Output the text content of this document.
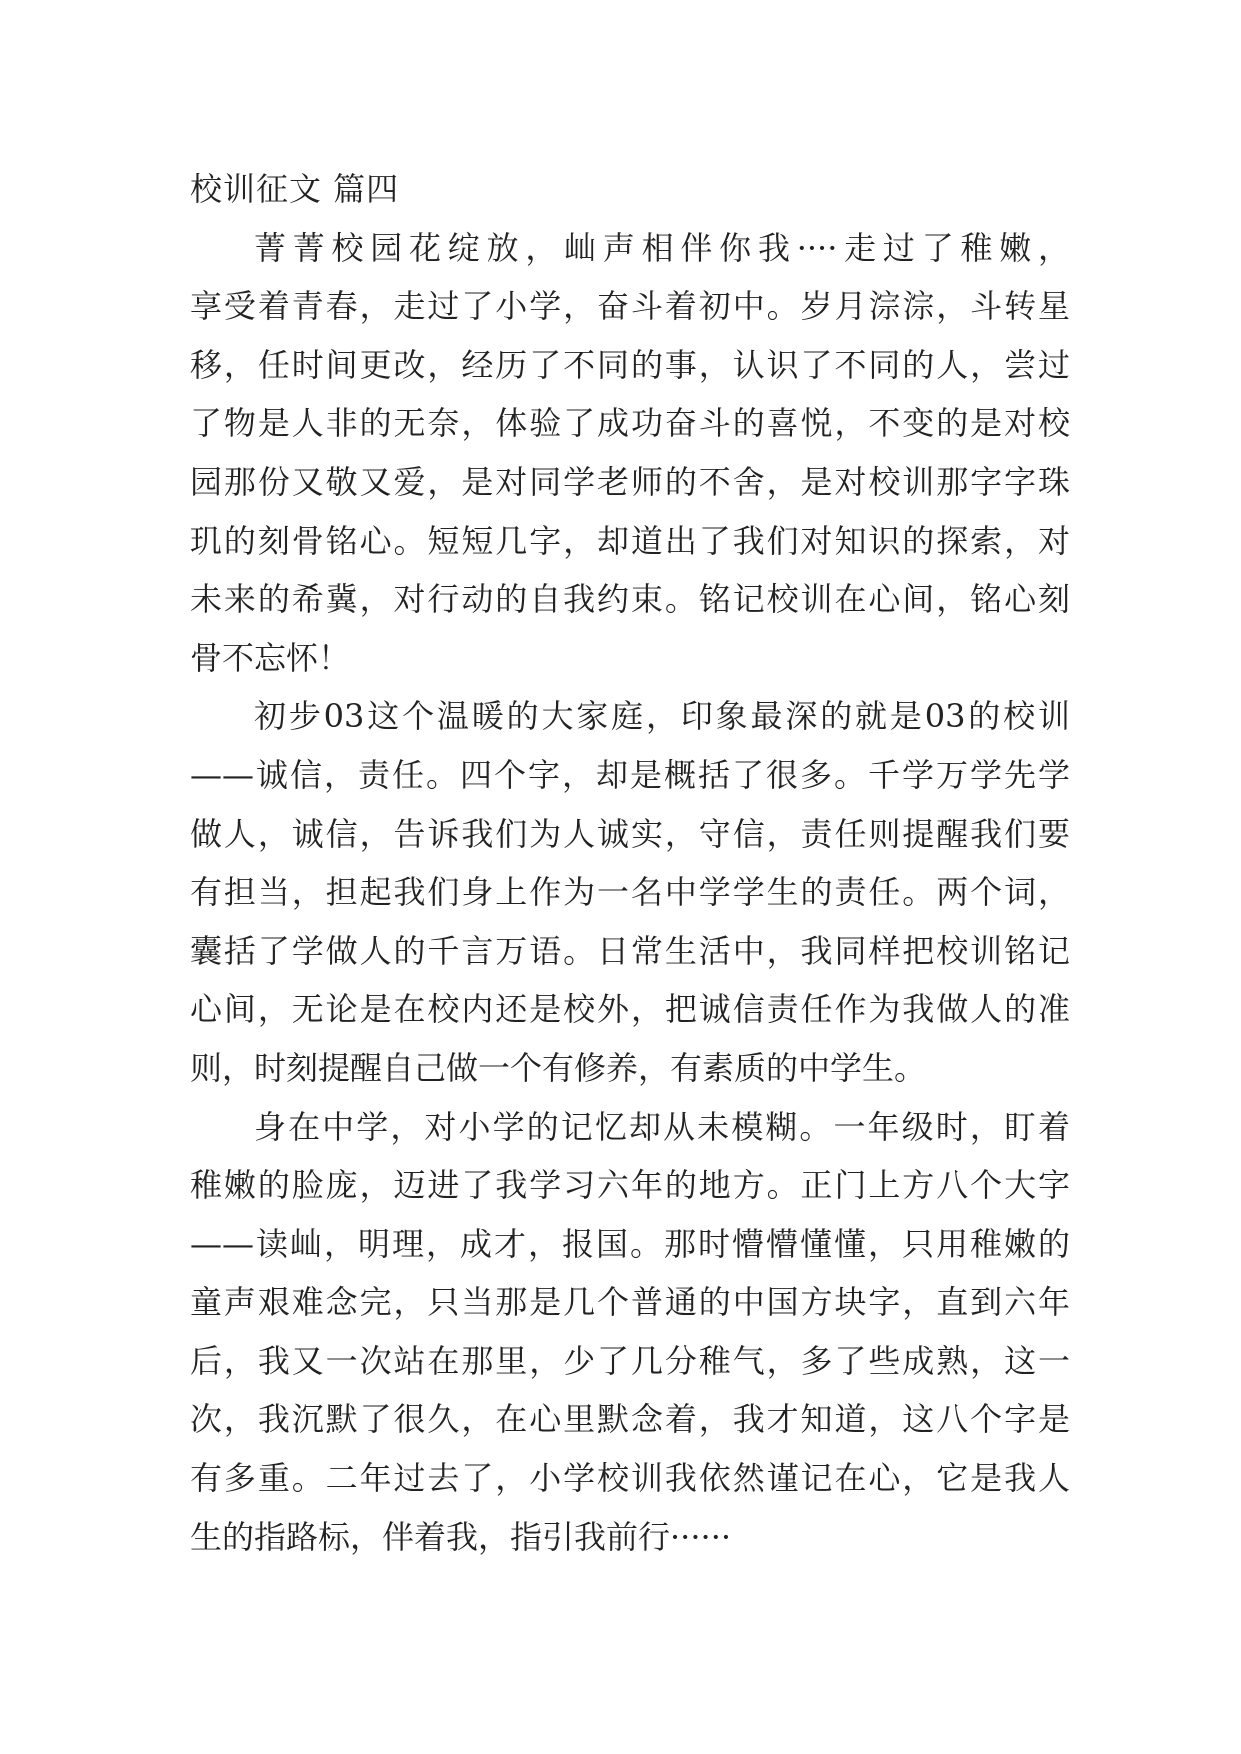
校训征文 篇四
菁菁校园花绽放，屾声相伴你我····走过了稚嫩，
享受着青春，走过了小学，奋斗着初中。岁月淙淙，斗转星
移，任时间更改，经历了不同的事，认识了不同的人，尝过
了物是人非的无奈，体验了成功奋斗的喜悦，不变的是对校
园那份又敬又爱，是对同学老师的不舍，是对校训那字字珠
玑的刻骨铭心。短短几字，却道出了我们对知识的探索，对
未来的希冀，对行动的自我约束。铭记校训在心间，铭心刻
骨不忘怀！
初步03这个温暖的大家庭，印象最深的就是03的校训
——诚信，责任。四个字，却是概括了很多。千学万学先学
做人，诚信，告诉我们为人诚实，守信，责任则提醒我们要
有担当，担起我们身上作为一名中学学生的责任。两个词，
囊括了学做人的千言万语。日常生活中，我同样把校训铭记
心间，无论是在校内还是校外，把诚信责任作为我做人的准
则，时刻提醒自己做一个有修养，有素质的中学生。
身在中学，对小学的记忆却从未模糊。一年级时，盯着
稚嫩的脸庞，迈进了我学习六年的地方。正门上方八个大字
——读屾，明理，成才，报国。那时懵懵懂懂，只用稚嫩的
童声艰难念完，只当那是几个普通的中国方块字，直到六年
后，我又一次站在那里，少了几分稚气，多了些成熟，这一
次，我沉默了很久，在心里默念着，我才知道，这八个字是
有多重。二年过去了，小学校训我依然谨记在心，它是我人
生的指路标，伴着我，指引我前行······
